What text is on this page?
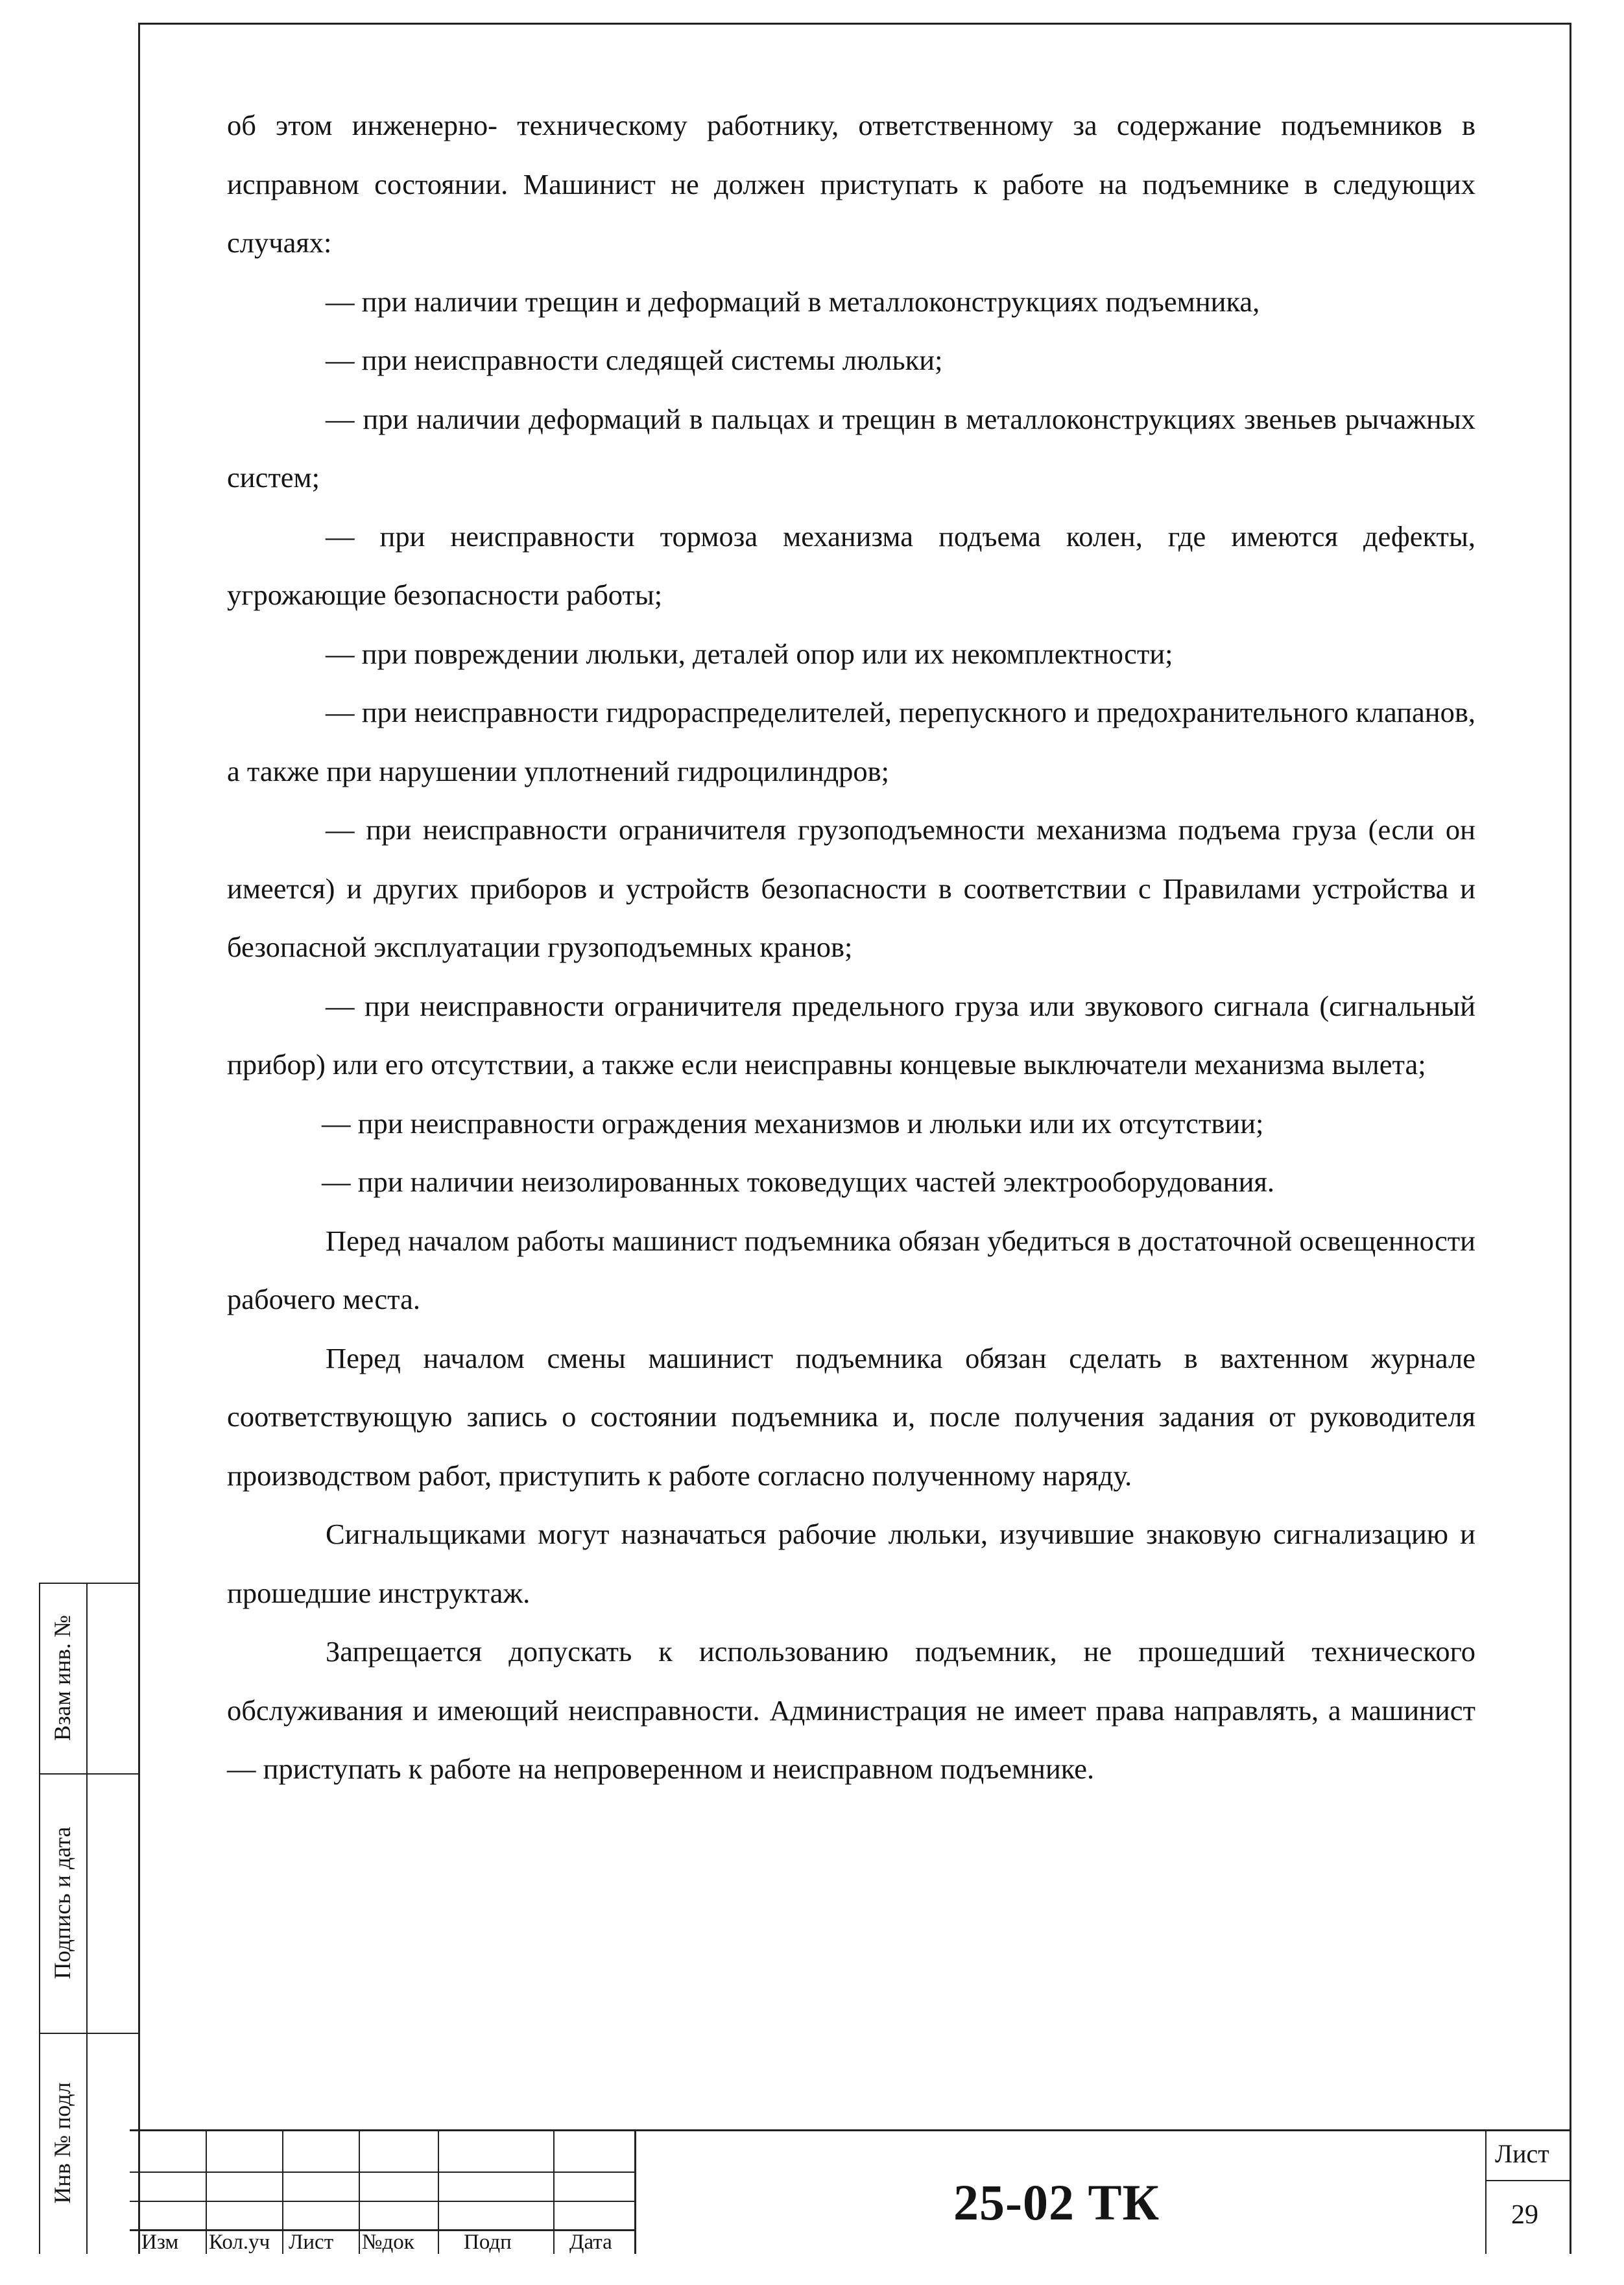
об этом инженерно- техническому работнику, ответственному за содержание подъемников в исправном состоянии. Машинист не должен приступать к работе на подъемнике в следующих случаях:

— при наличии трещин и деформаций в металлоконструкциях подъемника,

— при неисправности следящей системы люльки;

— при наличии деформаций в пальцах и трещин в металлоконструкциях звеньев рычажных систем;

— при неисправности тормоза механизма подъема колен, где имеются дефекты, угрожающие безопасности работы;

— при повреждении люльки, деталей опор или их некомплектности;

— при неисправности гидрораспределителей, перепускного и предохранительного клапанов, а также при нарушении уплотнений гидроцилиндров;

— при неисправности ограничителя грузоподъемности механизма подъема груза (если он имеется) и других приборов и устройств безопасности в соответствии с Правилами устройства и безопасной эксплуатации грузоподъемных кранов;

— при неисправности ограничителя предельного груза или звукового сигнала (сигнальный прибор) или его отсутствии, а также если неисправны концевые выключатели механизма вылета;

— при неисправности ограждения механизмов и люльки или их отсутствии;

— при наличии неизолированных токоведущих частей электрооборудования.

Перед началом работы машинист подъемника обязан убедиться в достаточной освещенности рабочего места.

Перед началом смены машинист подъемника обязан сделать в вахтенном журнале соответствующую запись о состоянии подъемника и, после получения задания от руководителя производством работ, приступить к работе согласно полученному наряду.

Сигнальщиками могут назначаться рабочие люльки, изучившие знаковую сигнализацию и прошедшие инструктаж.

Запрещается допускать к использованию подъемник, не прошедший технического обслуживания и имеющий неисправности. Администрация не имеет права направлять, а машинист — приступать к работе на непроверенном и неисправном подъемнике.

Взам инв. №
Подпись и дата
Инв № подл
Изм	Кол.уч Лист	№док	Подп	Дата
25-02 ТК
Лист
29
